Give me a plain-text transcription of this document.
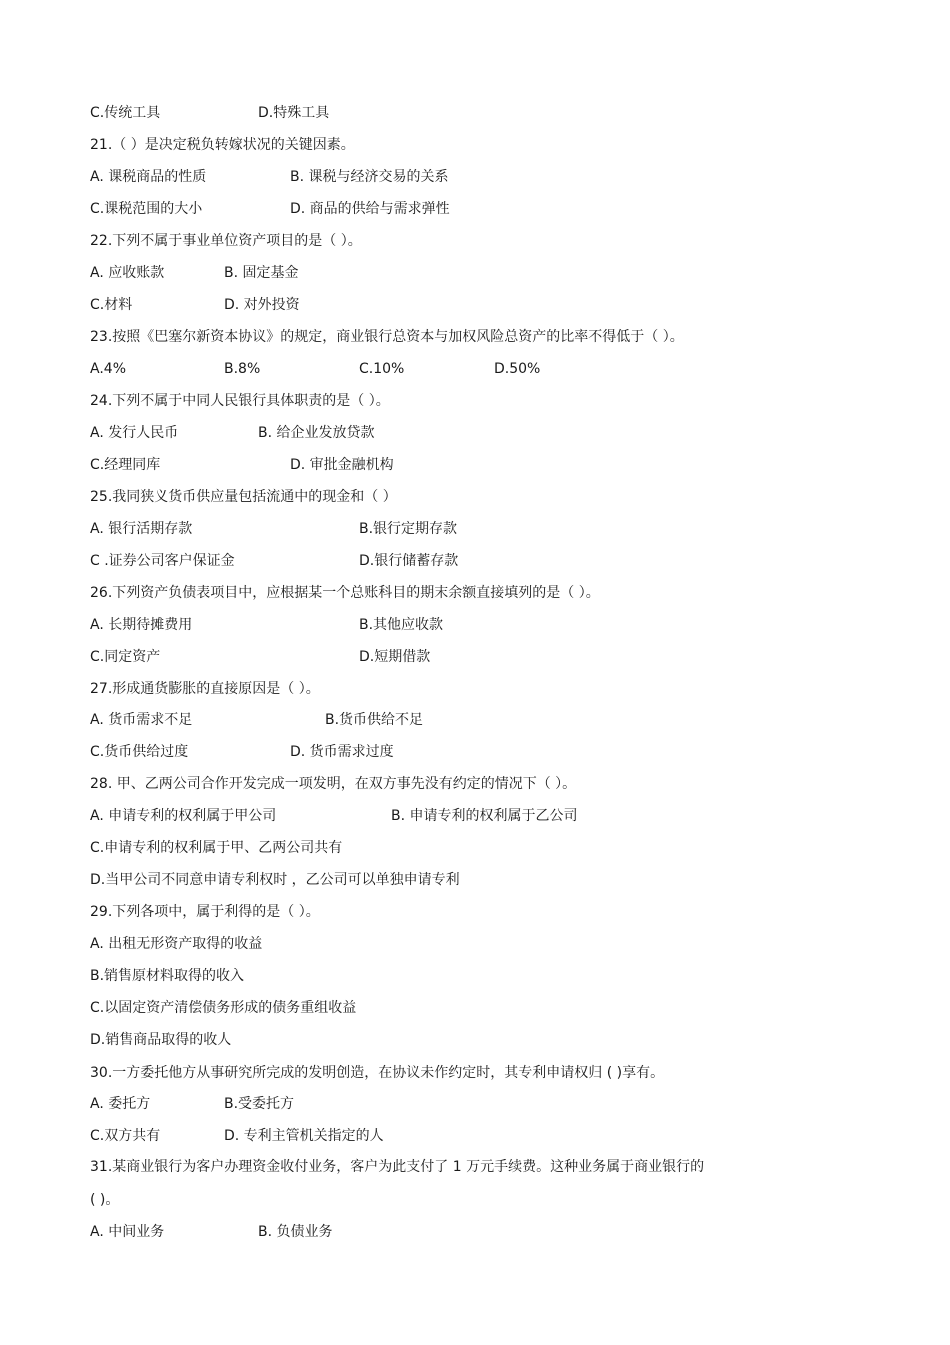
C.传统工具	D.特殊工具
21.（ ）是决定税负转嫁状况的关键因素。
A. 课税商品的性质	B. 课税与经济交易的关系
C.课税范围的大小	D. 商品的供给与需求弹性
22.下列不属于事业单位资产项目的是（ ）。
A. 应收账款	B. 固定基金
C.材料	D. 对外投资
23.按照《巴塞尔新资本协议》的规定，商业银行总资本与加权风险总资产的比率不得低于（ ）。
A.4%	B.8%	C.10%	D.50%
24.下列不属于中同人民银行具体职责的是（ ）。
A. 发行人民币	B. 给企业发放贷款
C.经理同库	D. 审批金融机构
25.我同狭义货币供应量包括流通中的现金和（ ）
A. 银行活期存款	B.银行定期存款
C .证券公司客户保证金	D.银行储蓄存款
26.下列资产负债表项目中，应根据某一个总账科目的期末余额直接填列的是（ ）。
A. 长期待摊费用	B.其他应收款
C.同定资产	D.短期借款
27.形成通货膨胀的直接原因是（ ）。
A. 货币需求不足	B.货币供给不足
C.货币供给过度	D. 货币需求过度
28. 甲、乙两公司合作开发完成一项发明，在双方事先没有约定的情况下（ ）。
A. 申请专利的权利属于甲公司	B. 申请专利的权利属于乙公司
C.申请专利的权利属于甲、乙两公司共有
D.当甲公司不同意申请专利权时 ，乙公司可以单独申请专利
29.下列各项中，属于利得的是（ ）。
A. 出租无形资产取得的收益
B.销售原材料取得的收入
C.以固定资产清偿债务形成的债务重组收益
D.销售商品取得的收人
30.一方委托他方从事研究所完成的发明创造，在协议未作约定时，其专利申请权归 ( )享有。
A. 委托方	B.受委托方
C.双方共有	D. 专利主管机关指定的人
31.某商业银行为客户办理资金收付业务，客户为此支付了 1 万元手续费。这种业务属于商业银行的
( )。
A. 中间业务	B. 负债业务
